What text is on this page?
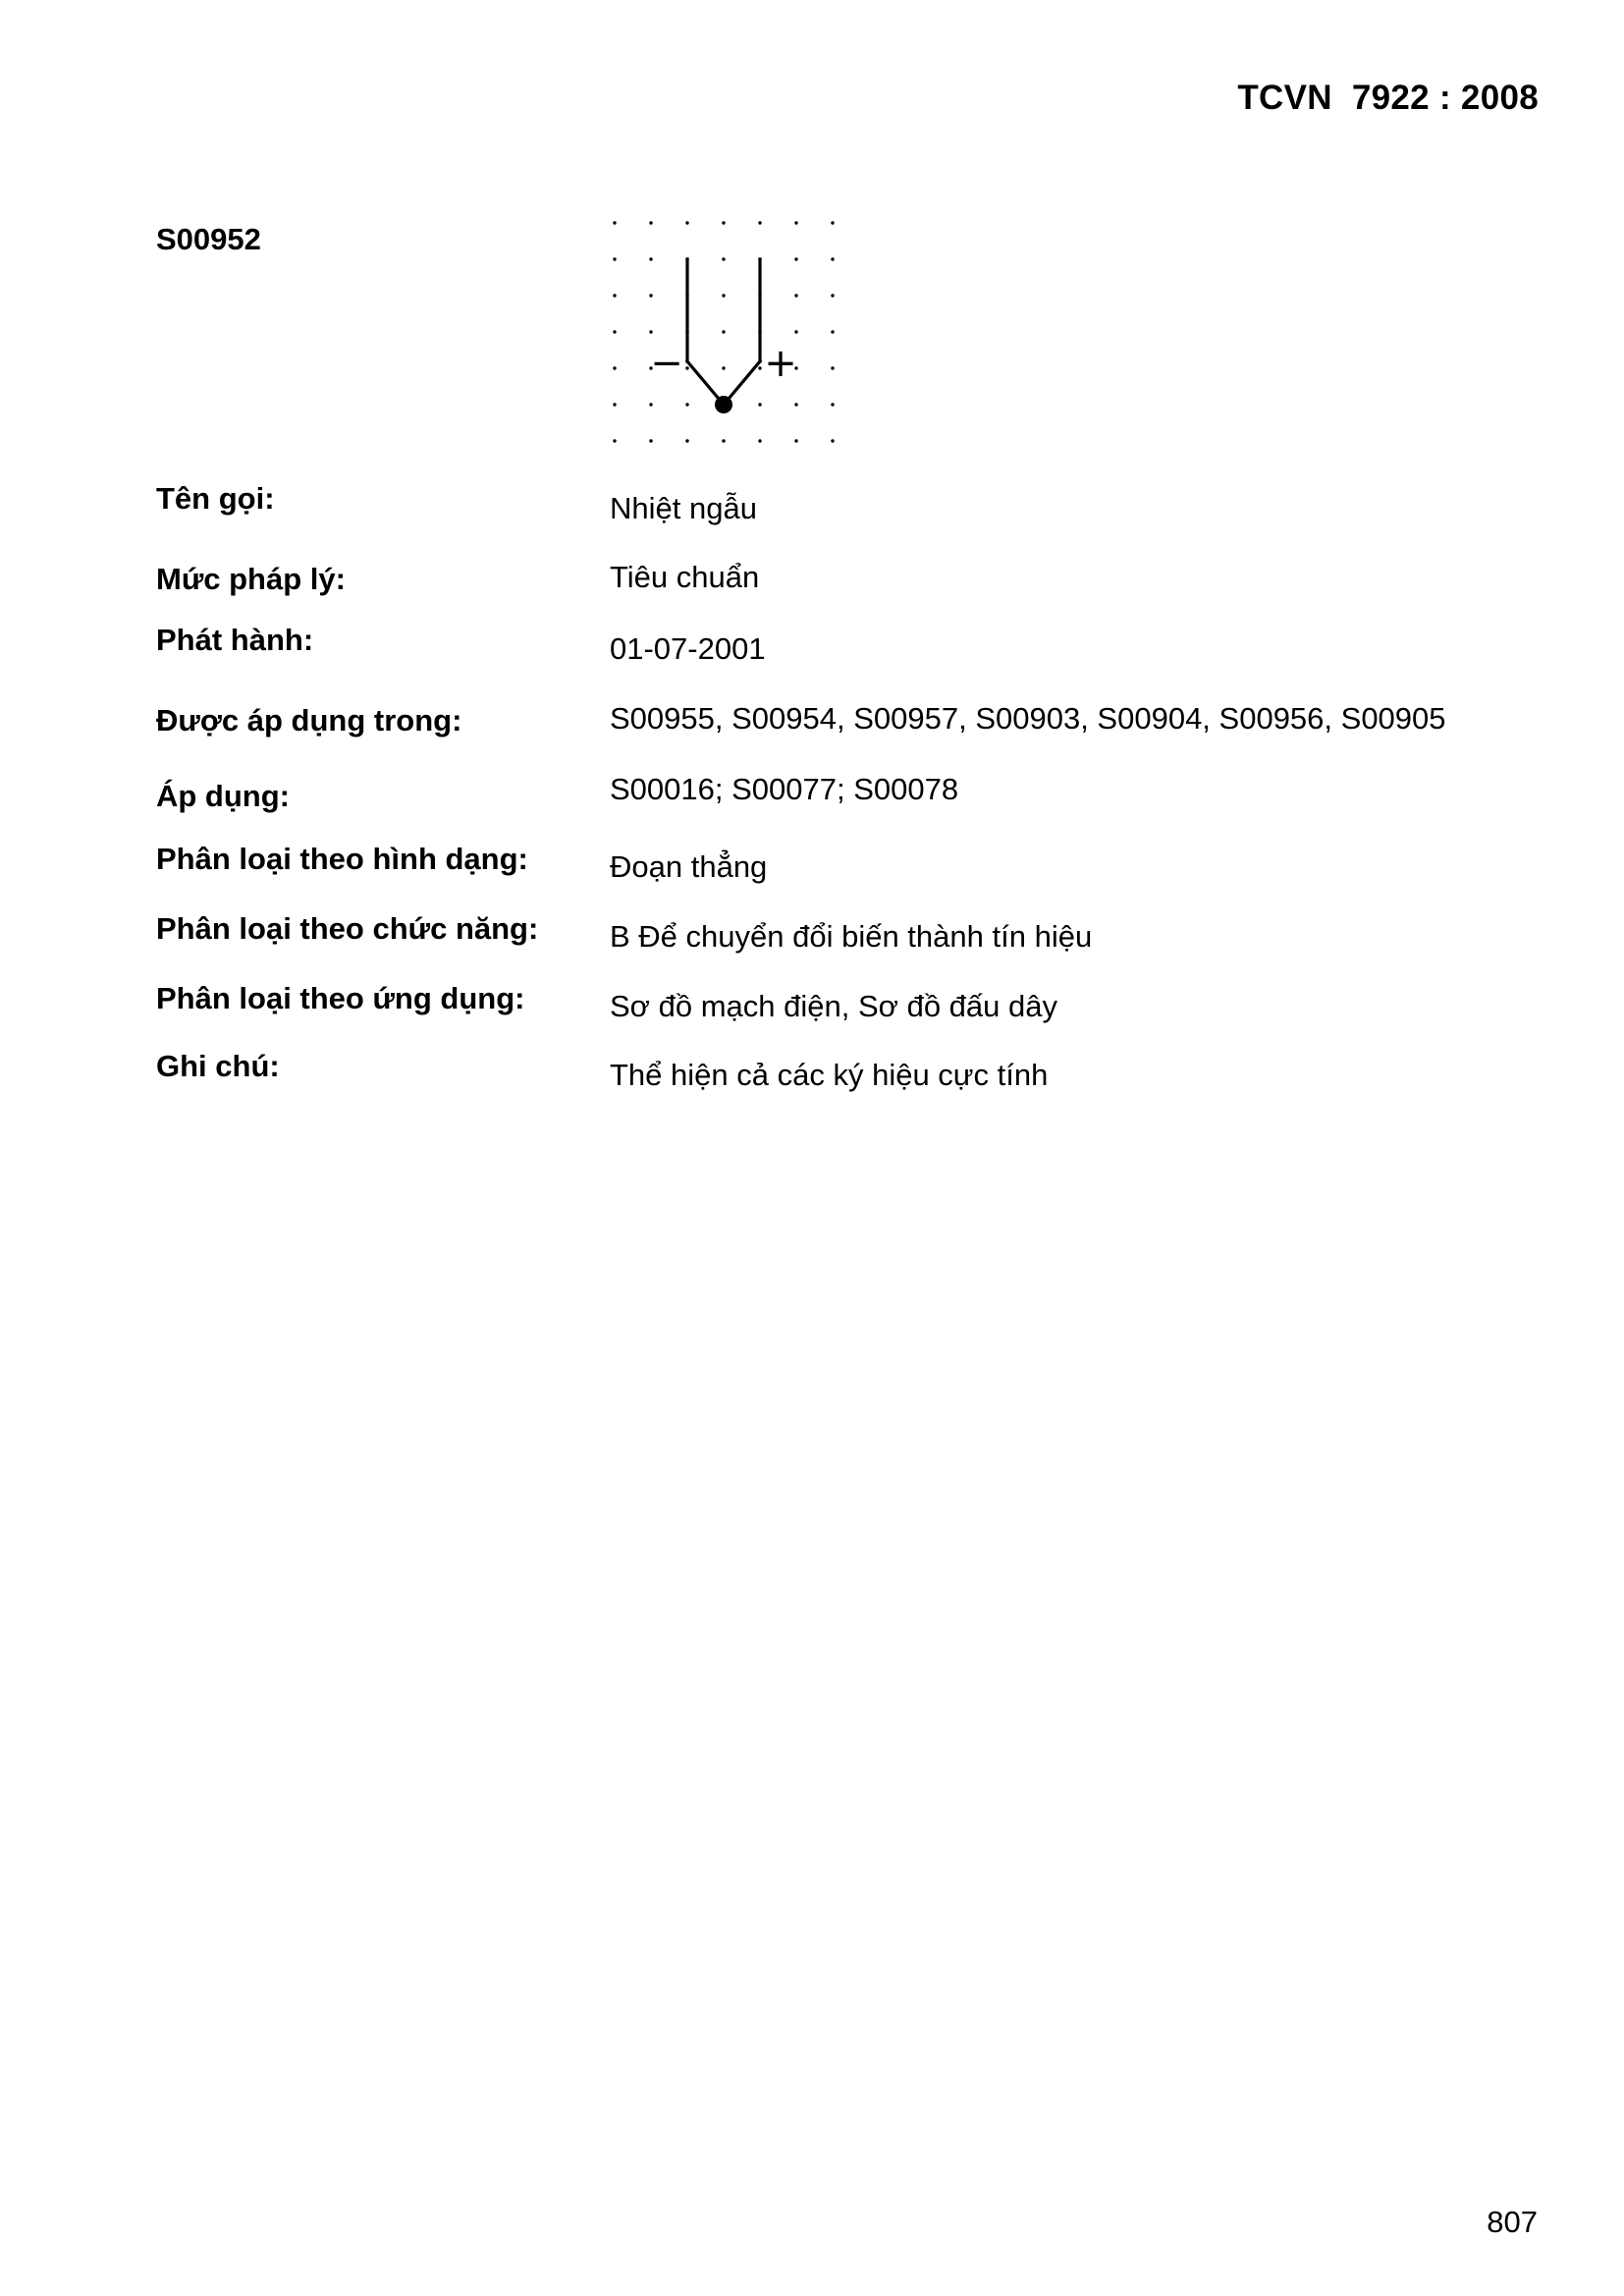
TCVN  7922 : 2008
S00952
− +
Tên gọi:	Nhiệt ngẫu
Mức pháp lý:	Tiêu chuẩn
Phát hành:	01-07-2001
Được áp dụng trong:	S00955, S00954, S00957, S00903, S00904, S00956, S00905
Áp dụng:	S00016; S00077; S00078
Phân loại theo hình dạng:	Đoạn thẳng
Phân loại theo chức năng: B Để chuyển đổi biến thành tín hiệu
Phân loại theo ứng dụng:	Sơ đồ mạch điện, Sơ đồ đấu dây
Ghi chú:	Thể hiện cả các ký hiệu cực tính
807
